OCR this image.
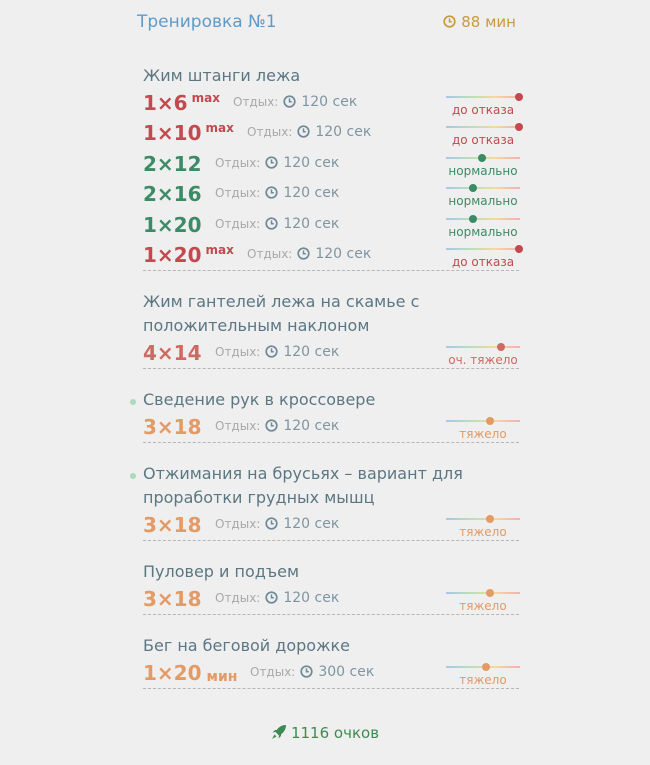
Тренировка №1	88 мин
Жим штанги лежа
1×6 $^{max}$ Отдых: 120 сек	до отказа
1×10 $^{max}$ Отдых: 120 сек	до отказа
2×12 Отдых: 120 сек	нормально
2×16 Отдых: 120 сек	нормально
1×20 Отдых: 120 сек	нормально
1×20 $^{max}$ Отдых: 120 сек	до отказа
Жим гантелей лежа на скамье с положительным наклоном
4×14 Отдых: 120 сек	оч. тяжело
Сведение рук в кроссовере
3×18 Отдых: 120 сек	тяжело
Отжимания на брусьях – вариант для проработки грудных мышц
3×18 Отдых: 120 сек	тяжело
Пуловер и подъем
3×18 Отдых: 120 сек	тяжело
Бег на беговой дорожке
1×20 мин Отдых: 300 сек	тяжело
1116 очков
